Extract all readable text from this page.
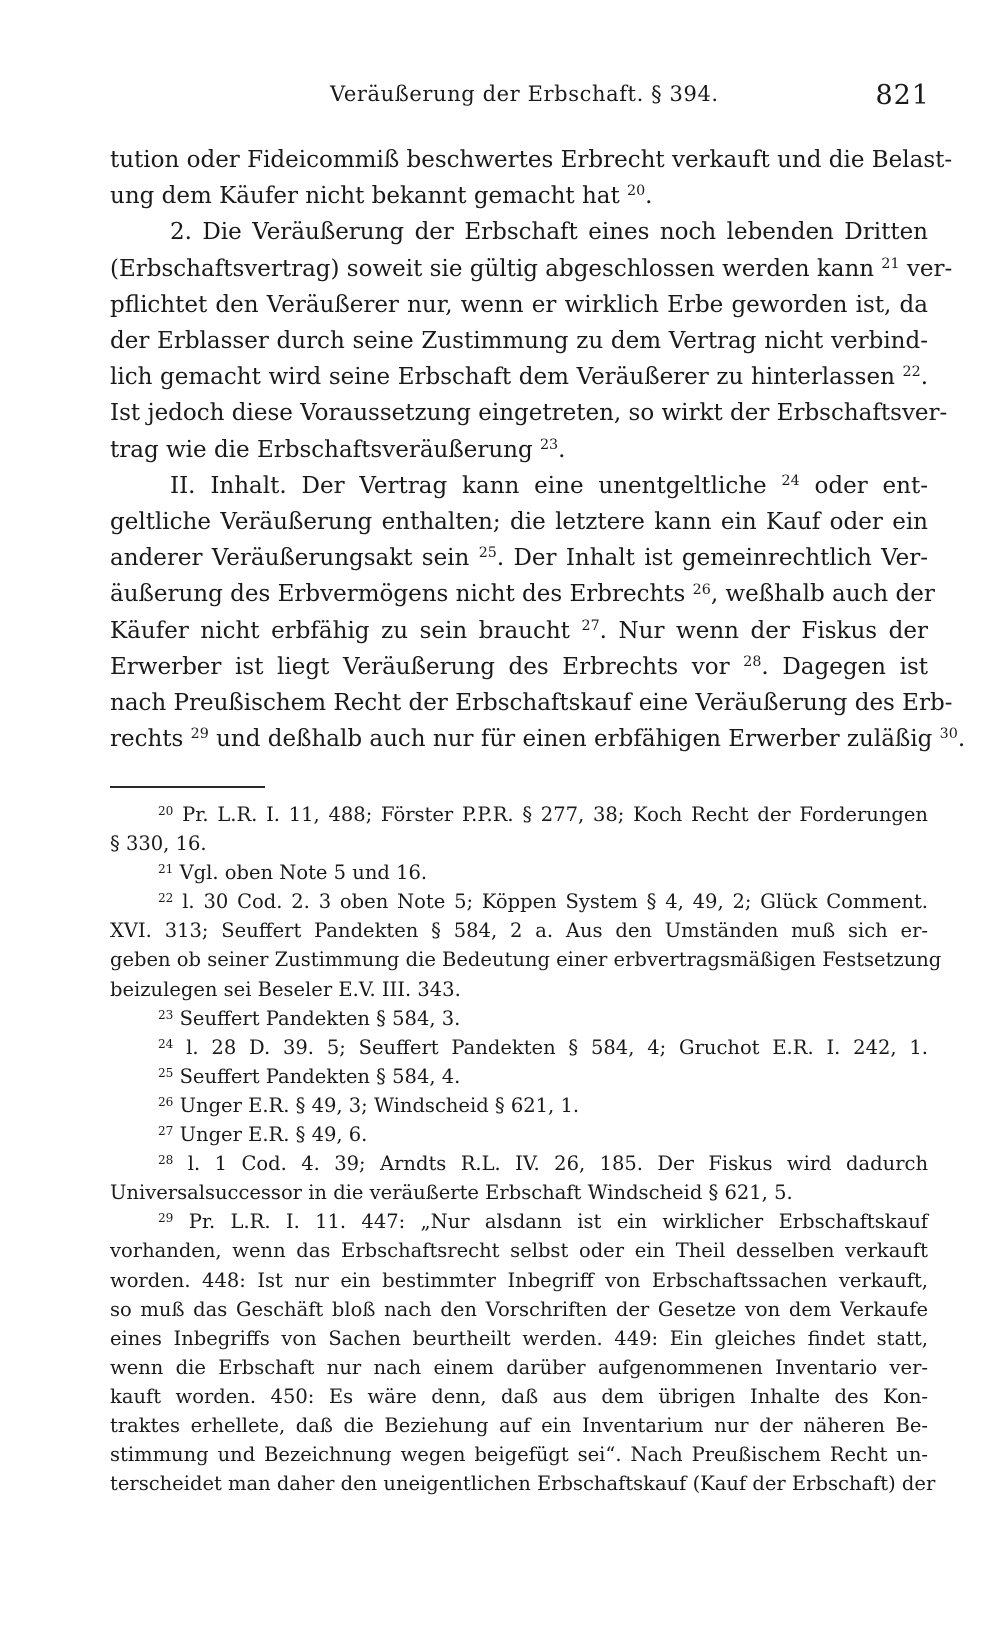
Veräußerung der Erbschaft. § 394.	821
tution oder Fideicommiß beschwertes Erbrecht verkauft und die Belast-
ung dem Käufer nicht bekannt gemacht hat $^{20}$.
2. Die Veräußerung der Erbschaft eines noch lebenden Dritten
(Erbschaftsvertrag) soweit sie gültig abgeschlossen werden kann $^{21}$ ver-
pflichtet den Veräußerer nur, wenn er wirklich Erbe geworden ist, da
der Erblasser durch seine Zustimmung zu dem Vertrag nicht verbind-
lich gemacht wird seine Erbschaft dem Veräußerer zu hinterlassen $^{22}$.
Ist jedoch diese Voraussetzung eingetreten, so wirkt der Erbschaftsver-
trag wie die Erbschaftsveräußerung $^{23}$.
II. Inhalt. Der Vertrag kann eine unentgeltliche $^{24}$ oder ent-
geltliche Veräußerung enthalten; die letztere kann ein Kauf oder ein
anderer Veräußerungsakt sein $^{25}$. Der Inhalt ist gemeinrechtlich Ver-
äußerung des Erbvermögens nicht des Erbrechts $^{26}$, weßhalb auch der
Käufer nicht erbfähig zu sein braucht $^{27}$. Nur wenn der Fiskus der
Erwerber ist liegt Veräußerung des Erbrechts vor $^{28}$. Dagegen ist
nach Preußischem Recht der Erbschaftskauf eine Veräußerung des Erb-
rechts $^{29}$ und deßhalb auch nur für einen erbfähigen Erwerber zuläßig $^{30}$.
$^{20}$ Pr. L.R. I. 11, 488; Förster P.P.R. § 277, 38; Koch Recht der Forderungen
§ 330, 16.
$^{21}$ Vgl. oben Note 5 und 16.
$^{22}$ l. 30 Cod. 2. 3 oben Note 5; Köppen System § 4, 49, 2; Glück Comment.
XVI. 313; Seuffert Pandekten § 584, 2 a. Aus den Umständen muß sich er-
geben ob seiner Zustimmung die Bedeutung einer erbvertragsmäßigen Festsetzung
beizulegen sei Beseler E.V. III. 343.
$^{23}$ Seuffert Pandekten § 584, 3.
$^{24}$ l. 28 D. 39. 5; Seuffert Pandekten § 584, 4; Gruchot E.R. I. 242, 1.
$^{25}$ Seuffert Pandekten § 584, 4.
$^{26}$ Unger E.R. § 49, 3; Windscheid § 621, 1.
$^{27}$ Unger E.R. § 49, 6.
$^{28}$ l. 1 Cod. 4. 39; Arndts R.L. IV. 26, 185. Der Fiskus wird dadurch
Universalsuccessor in die veräußerte Erbschaft Windscheid § 621, 5.
$^{29}$ Pr. L.R. I. 11. 447: „Nur alsdann ist ein wirklicher Erbschaftskauf
vorhanden, wenn das Erbschaftsrecht selbst oder ein Theil desselben verkauft
worden. 448: Ist nur ein bestimmter Inbegriff von Erbschaftssachen verkauft,
so muß das Geschäft bloß nach den Vorschriften der Gesetze von dem Verkaufe
eines Inbegriffs von Sachen beurtheilt werden. 449: Ein gleiches findet statt,
wenn die Erbschaft nur nach einem darüber aufgenommenen Inventario ver-
kauft worden. 450: Es wäre denn, daß aus dem übrigen Inhalte des Kon-
traktes erhellete, daß die Beziehung auf ein Inventarium nur der näheren Be-
stimmung und Bezeichnung wegen beigefügt sei“. Nach Preußischem Recht un-
terscheidet man daher den uneigentlichen Erbschaftskauf (Kauf der Erbschaft) der
